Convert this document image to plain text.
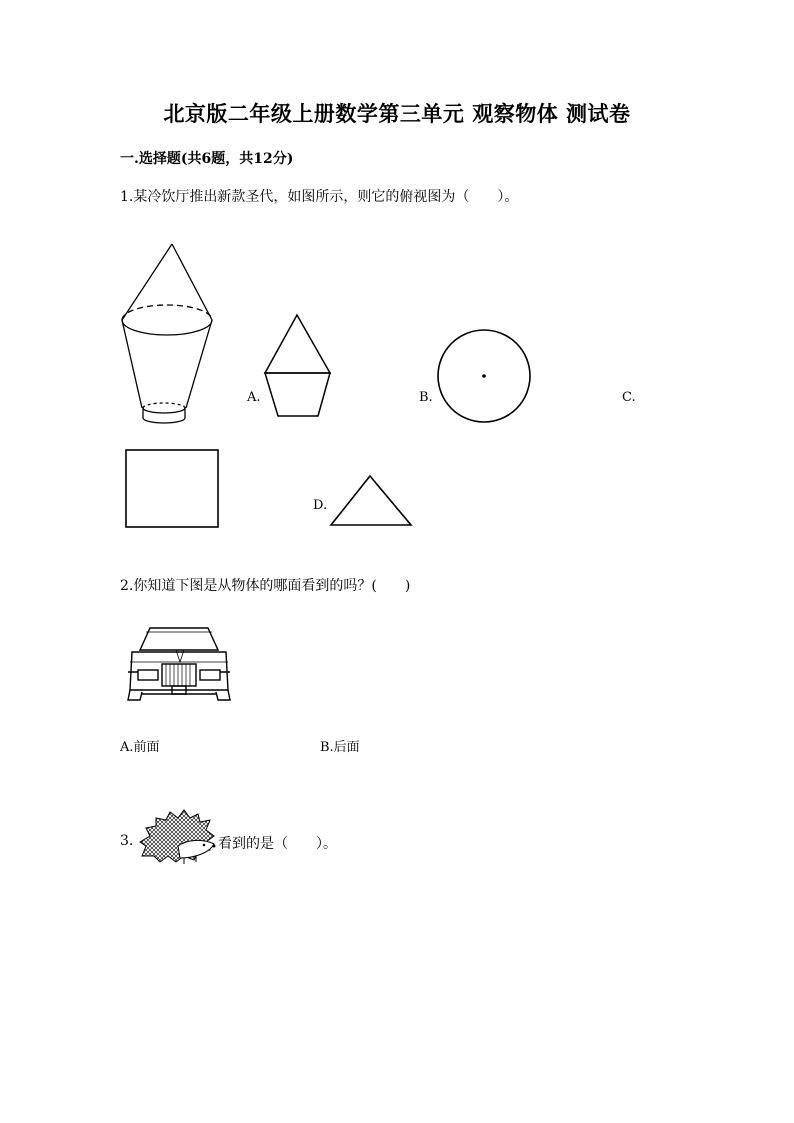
北京版二年级上册数学第三单元 观察物体 测试卷
一.选择题(共6题，共12分)
1.某冷饮厅推出新款圣代，如图所示，则它的俯视图为（　　）。
A.	B.	C.
D.
2.你知道下图是从物体的哪面看到的吗？(　　)
A.前面	B.后面
3.	看到的是（　　）。
